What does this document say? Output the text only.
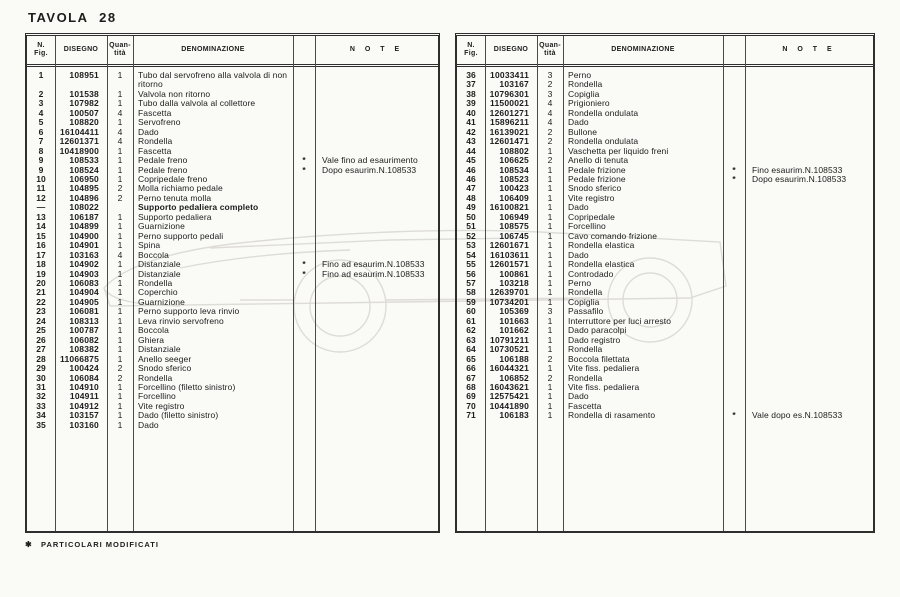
TAVOLA 28
N.
Fig.
DISEGNO
Quan-
tità
DENOMINAZIONE	N O T E
1	108951	1	Tubo dal servofreno alla valvola di non ritorno
2	101538	1	Valvola non ritorno
3	107982	1	Tubo dalla valvola al collettore
4	100507	4	Fascetta
5	108820	1	Servofreno
6	16104411	4	Dado
7	12601371	4	Rondella
8	10418900	1	Fascetta
9	108533	1	Pedale freno	*	Vale fino ad esaurimento
9	108524	1	Pedale freno	*	Dopo esaurim.N.108533
10	106950	1	Copripedale freno
11	104895	2	Molla richiamo pedale
12	104896	2	Perno tenuta molla
—	108022	Supporto pedaliera completo
13	106187	1	Supporto pedaliera
14	104899	1	Guarnizione
15	104900	1	Perno supporto pedali
16	104901	1	Spina
17	103163	4	Boccola
18	104902	1	Distanziale	*	Fino ad esaurim.N.108533
19	104903	1	Distanziale	*	Fino ad esaurim.N.108533
20	106083	1	Rondella
21	104904	1	Coperchio
22	104905	1	Guarnizione
23	106081	1	Perno supporto leva rinvio
24	108313	1	Leva rinvio servofreno
25	100787	1	Boccola
26	106082	1	Ghiera
27	108382	1	Distanziale
28	11066875	1	Anello seeger
29	100424	2	Snodo sferico
30	106084	2	Rondella
31	104910	1	Forcellino (filetto sinistro)
32	104911	1	Forcellino
33	104912	1	Vite registro
34	103157	1	Dado (filetto sinistro)
35	103160	1	Dado
N.
Fig.
DISEGNO
Quan-
tità
DENOMINAZIONE	N O T E
36	10033411	3	Perno
37	103167	2	Rondella
38	10796301	3	Copiglia
39	11500021	4	Prigioniero
40	12601271	4	Rondella ondulata
41	15896211	4	Dado
42	16139021	2	Bullone
43	12601471	2	Rondella ondulata
44	108802	1	Vaschetta per liquido freni
45	106625	2	Anello di tenuta
46	108534	1	Pedale frizione	*	Fino esaurim.N.108533
46	108523	1	Pedale frizione	*	Dopo esaurim.N.108533
47	100423	1	Snodo sferico
48	106409	1	Vite registro
49	16100821	1	Dado
50	106949	1	Copripedale
51	108575	1	Forcellino
52	106745	1	Cavo comando frizione
53	12601671	1	Rondella elastica
54	16103611	1	Dado
55	12601571	1	Rondella elastica
56	100861	1	Controdado
57	103218	1	Perno
58	12639701	1	Rondella
59	10734201	1	Copiglia
60	105369	3	Passafilo
61	101663	1	Interruttore per luci arresto
62	101662	1	Dado paracolpi
63	10791211	1	Dado registro
64	10730521	1	Rondella
65	106188	2	Boccola filettata
66	16044321	1	Vite fiss. pedaliera
67	106852	2	Rondella
68	16043621	1	Vite fiss. pedaliera
69	12575421	1	Dado
70	10441890	1	Fascetta
71	106183	1	Rondella di rasamento	*	Vale dopo es.N.108533
✱ PARTICOLARI MODIFICATI
